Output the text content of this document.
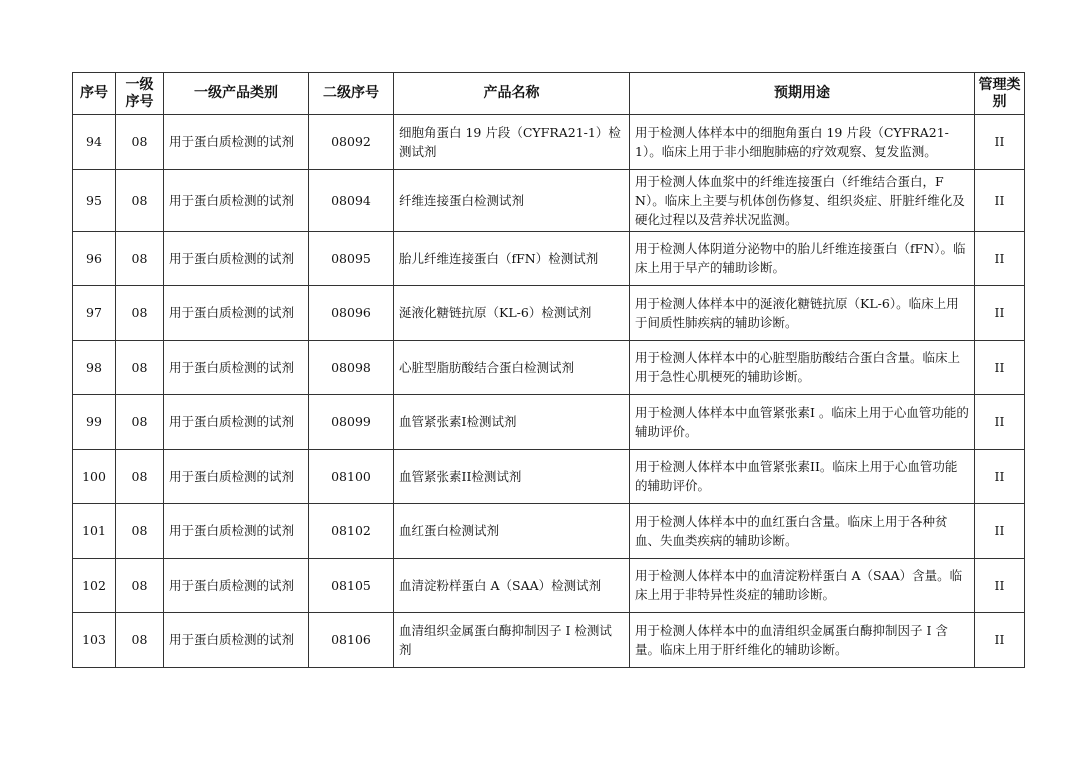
序号	一级序号	一级产品类别	二级序号	产品名称	预期用途	管理类别
94	08	用于蛋白质检测的试剂	08092	细胞角蛋白 19 片段（CYFRA21-1）检测试剂	用于检测人体样本中的细胞角蛋白 19 片段（CYFRA21-1）。临床上用于非小细胞肺癌的疗效观察、复发监测。	II
95	08	用于蛋白质检测的试剂	08094	纤维连接蛋白检测试剂	用于检测人体血浆中的纤维连接蛋白（纤维结合蛋白，FN）。临床上主要与机体创伤修复、组织炎症、肝脏纤维化及硬化过程以及营养状况监测。	II
96	08	用于蛋白质检测的试剂	08095	胎儿纤维连接蛋白（fFN）检测试剂	用于检测人体阴道分泌物中的胎儿纤维连接蛋白（fFN）。临床上用于早产的辅助诊断。	II
97	08	用于蛋白质检测的试剂	08096	涎液化糖链抗原（KL-6）检测试剂	用于检测人体样本中的涎液化糖链抗原（KL-6）。临床上用于间质性肺疾病的辅助诊断。	II
98	08	用于蛋白质检测的试剂	08098	心脏型脂肪酸结合蛋白检测试剂	用于检测人体样本中的心脏型脂肪酸结合蛋白含量。临床上用于急性心肌梗死的辅助诊断。	II
99	08	用于蛋白质检测的试剂	08099	血管紧张素I检测试剂	用于检测人体样本中血管紧张素I 。临床上用于心血管功能的辅助评价。	II
100	08	用于蛋白质检测的试剂	08100	血管紧张素II检测试剂	用于检测人体样本中血管紧张素II。临床上用于心血管功能的辅助评价。	II
101	08	用于蛋白质检测的试剂	08102	血红蛋白检测试剂	用于检测人体样本中的血红蛋白含量。临床上用于各种贫血、失血类疾病的辅助诊断。	II
102	08	用于蛋白质检测的试剂	08105	血清淀粉样蛋白 A（SAA）检测试剂	用于检测人体样本中的血清淀粉样蛋白 A（SAA）含量。临床上用于非特异性炎症的辅助诊断。	II
103	08	用于蛋白质检测的试剂	08106	血清组织金属蛋白酶抑制因子 I 检测试剂	用于检测人体样本中的血清组织金属蛋白酶抑制因子 I 含量。临床上用于肝纤维化的辅助诊断。	II
